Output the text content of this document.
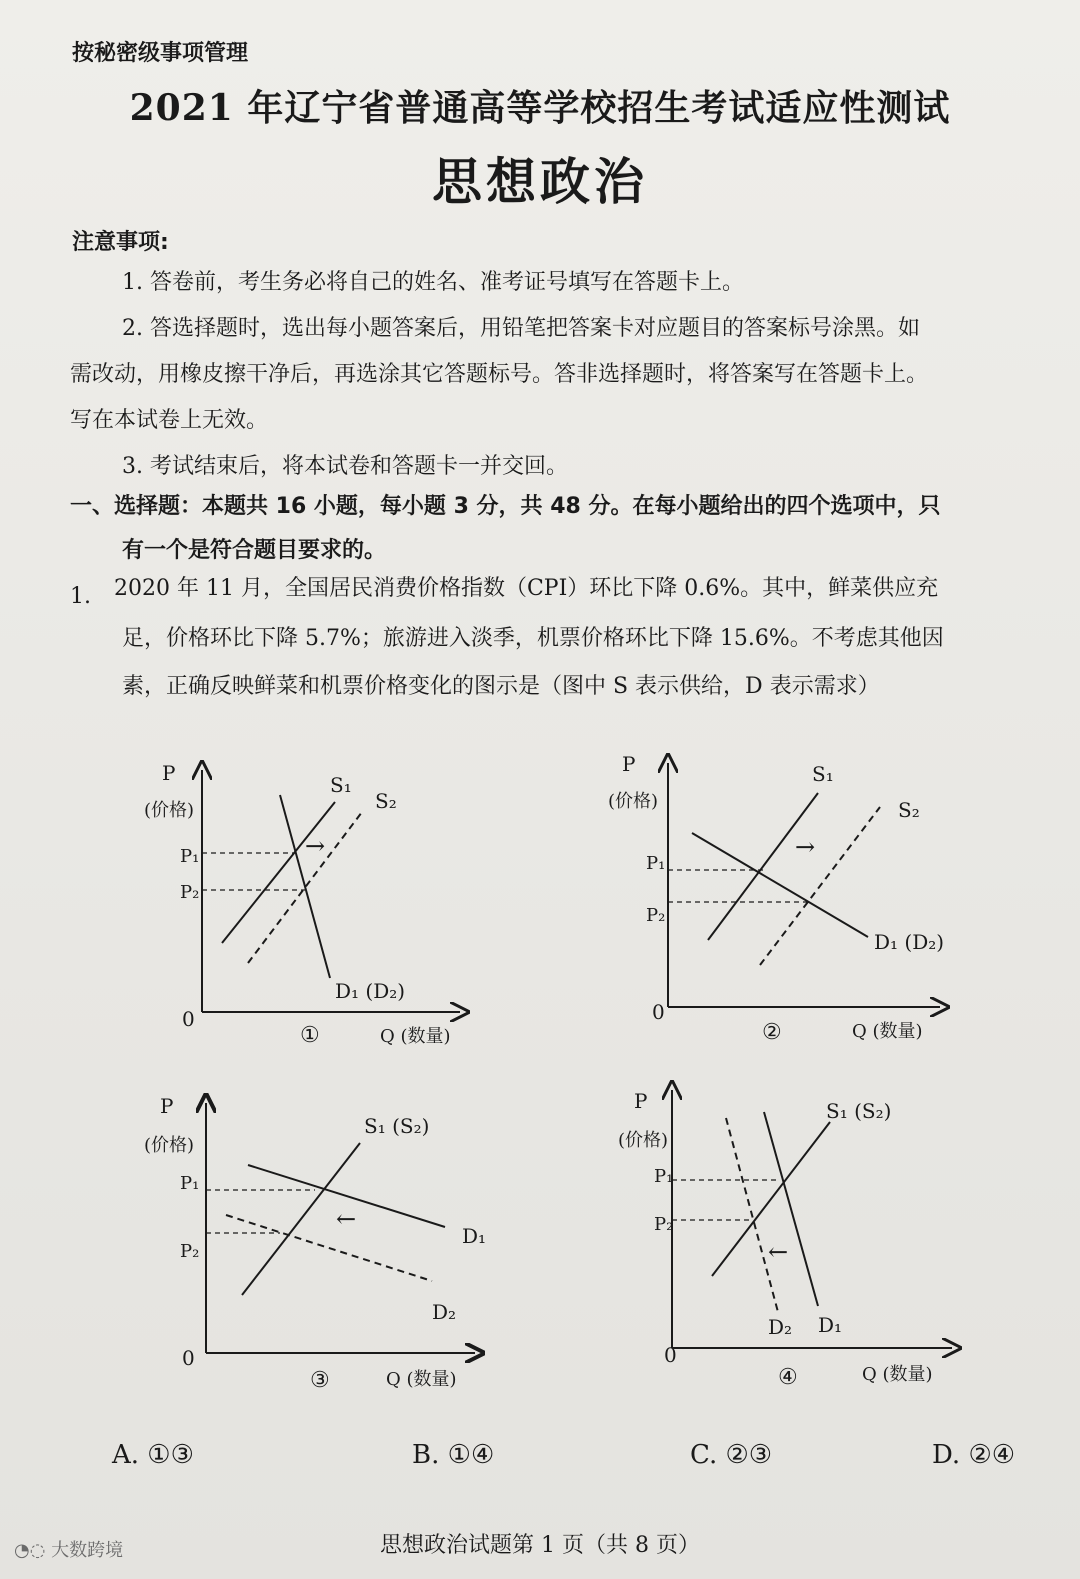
按秘密级事项管理
2021 年辽宁省普通高等学校招生考试适应性测试
思想政治
注意事项:
1. 答卷前，考生务必将自己的姓名、准考证号填写在答题卡上。
2. 答选择题时，选出每小题答案后，用铅笔把答案卡对应题目的答案标号涂黑。如
需改动，用橡皮擦干净后，再选涂其它答题标号。答非选择题时，将答案写在答题卡上。
写在本试卷上无效。
3. 考试结束后，将本试卷和答题卡一并交回。
一、选择题：本题共 16 小题，每小题 3 分，共 48 分。在每小题给出的四个选项中，只
有一个是符合题目要求的。
1. 2020 年 11 月，全国居民消费价格指数（CPI）环比下降 0.6%。其中，鲜菜供应充
足，价格环比下降 5.7%；旅游进入淡季，机票价格环比下降 15.6%。不考虑其他因
素，正确反映鲜菜和机票价格变化的图示是（图中 S 表示供给，D 表示需求）
P
(价格)
0
P₁
P₂
S₁
S₂
D₁ (D₂)
→
①	Q (数量)
P
(价格)
0
P₁
P₂
S₁
S₂
D₁ (D₂)
→
②	Q (数量)
P
(价格)
0
P₁
P₂
S₁ (S₂)
D₁
D₂
←
③	Q (数量)
P
(价格)
0
P₁
P₂
S₁ (S₂)
D₁
D₂
←
④	Q (数量)
A. ①③	B. ①④	C. ②③	D. ②④
思想政治试题第 1 页（共 8 页）
◔◌ 大数跨境
